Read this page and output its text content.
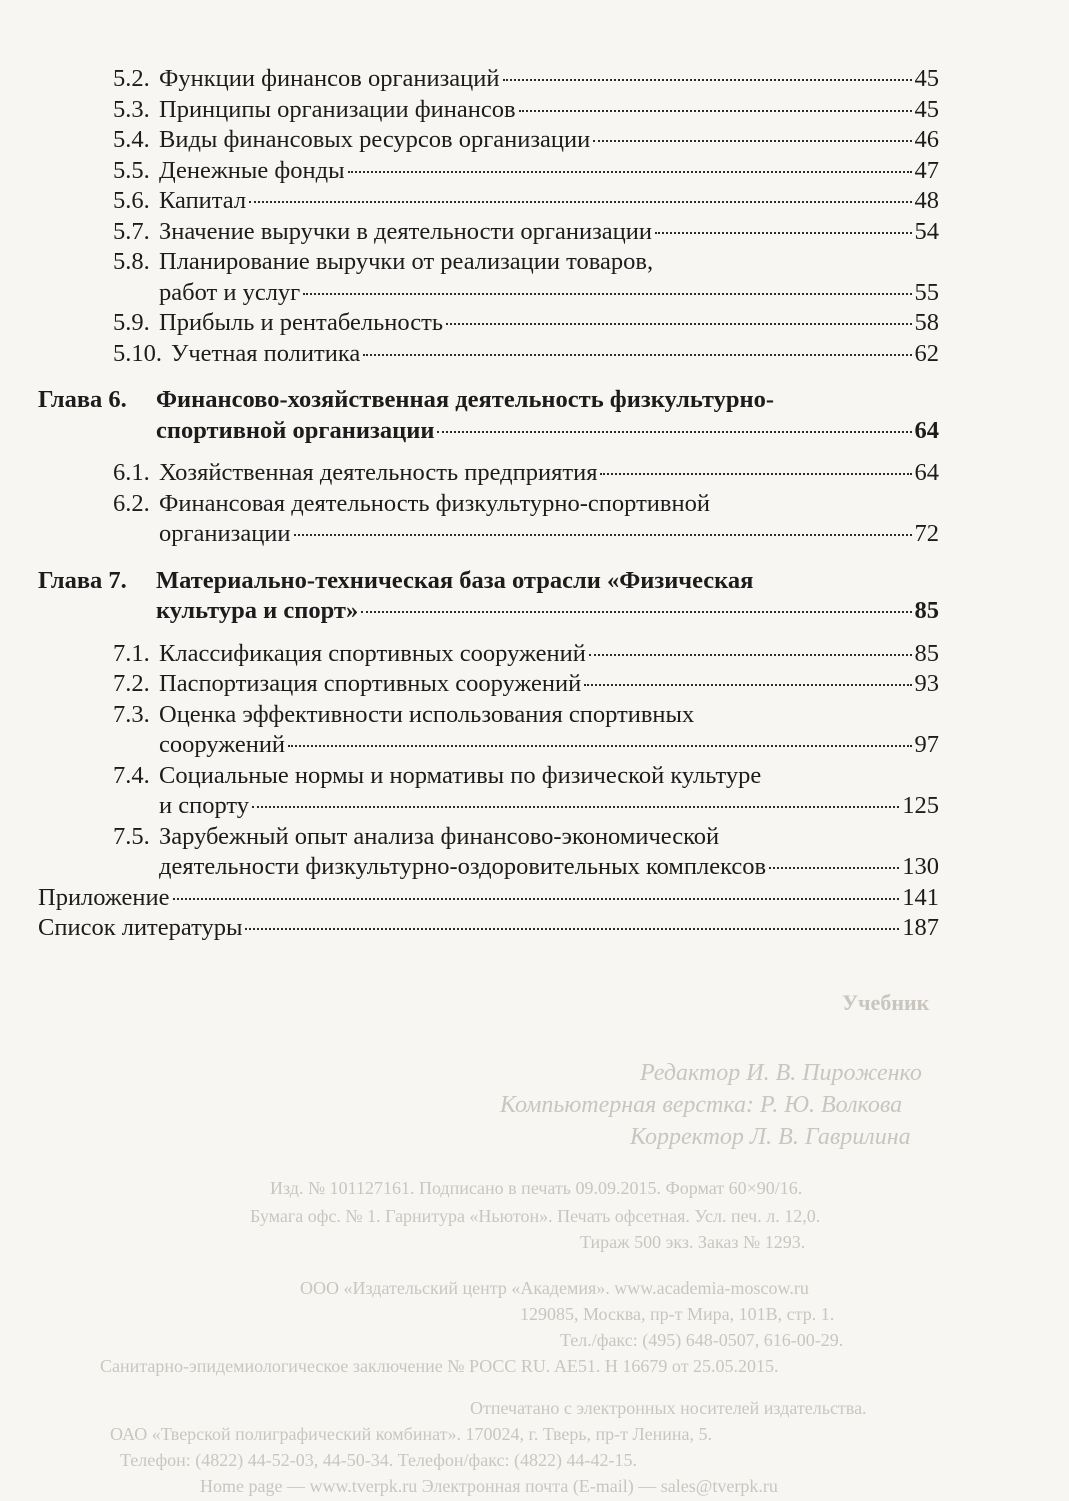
Учебник
Редактор И. В. Пироженко
Компьютерная верстка: Р. Ю. Волкова
Корректор Л. В. Гаврилина
Изд. № 101127161. Подписано в печать 09.09.2015. Формат 60×90/16.
Бумага офс. № 1. Гарнитура «Ньютон». Печать офсетная. Усл. печ. л. 12,0.
Тираж 500 экз. Заказ № 1293.
ООО «Издательский центр «Академия». www.academia-moscow.ru
129085, Москва, пр-т Мира, 101В, стр. 1.
Тел./факс: (495) 648-0507, 616-00-29.
Санитарно-эпидемиологическое заключение № РОСС RU. AE51. Н 16679 от 25.05.2015.
Отпечатано с электронных носителей издательства.
ОАО «Тверской полиграфический комбинат». 170024, г. Тверь, пр-т Ленина, 5.
Телефон: (4822) 44-52-03, 44-50-34. Телефон/факс: (4822) 44-42-15.
Home page — www.tverpk.ru Электронная почта (E-mail) — sales@tverpk.ru
5.2. Функции финансов организаций	45
5.3. Принципы организации финансов	45
5.4. Виды финансовых ресурсов организации	46
5.5. Денежные фонды	47
5.6. Капитал	48
5.7. Значение выручки в деятельности организации	54
5.8. Планирование выручки от реализации товаров,
работ и услуг	55
5.9. Прибыль и рентабельность	58
5.10. Учетная политика	62
Глава 6.	Финансово-хозяйственная деятельность физкультурно-
спортивной организации	64
6.1. Хозяйственная деятельность предприятия	64
6.2. Финансовая деятельность физкультурно-спортивной
организации	72
Глава 7.	Материально-техническая база отрасли «Физическая
культура и спорт»	85
7.1. Классификация спортивных сооружений	85
7.2. Паспортизация спортивных сооружений	93
7.3. Оценка эффективности использования спортивных
сооружений	97
7.4. Социальные нормы и нормативы по физической культуре
и спорту	125
7.5. Зарубежный опыт анализа финансово-экономической
деятельности физкультурно-оздоровительных комплексов	130
Приложение	141
Список литературы	187
